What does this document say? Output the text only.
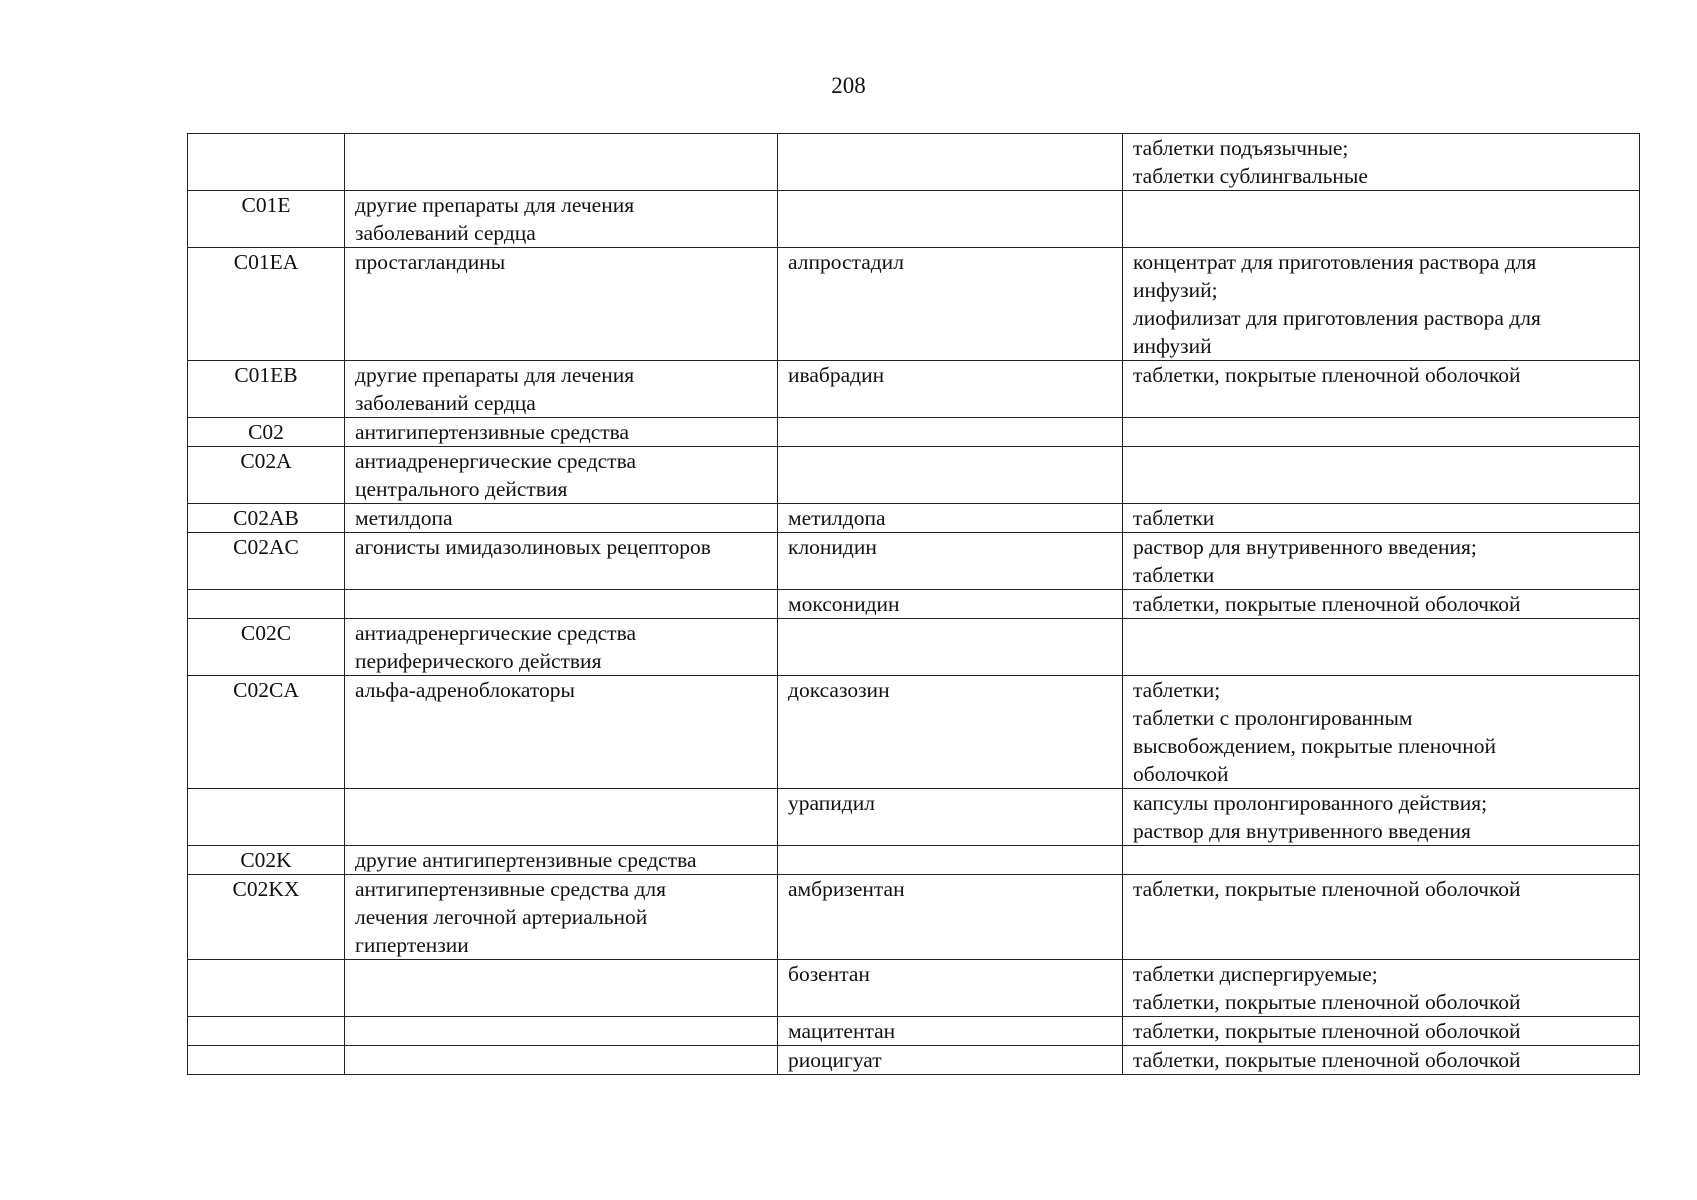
208
			таблетки подъязычные;
таблетки сублингвальные
C01E	другие препараты для лечения
заболеваний сердца		
C01EA	простагландины	алпростадил	концентрат для приготовления раствора для
инфузий;
лиофилизат для приготовления раствора для
инфузий
C01EB	другие препараты для лечения
заболеваний сердца	ивабрадин	таблетки, покрытые пленочной оболочкой
C02	антигипертензивные средства		
C02A	антиадренергические средства
центрального действия		
C02AB	метилдопа	метилдопа	таблетки
C02AC	агонисты имидазолиновых рецепторов	клонидин	раствор для внутривенного введения;
таблетки
		моксонидин	таблетки, покрытые пленочной оболочкой
C02C	антиадренергические средства
периферического действия		
C02CA	альфа-адреноблокаторы	доксазозин	таблетки;
таблетки с пролонгированным
высвобождением, покрытые пленочной
оболочкой
		урапидил	капсулы пролонгированного действия;
раствор для внутривенного введения
C02K	другие антигипертензивные средства		
C02KX	антигипертензивные средства для
лечения легочной артериальной
гипертензии	амбризентан	таблетки, покрытые пленочной оболочкой
		бозентан	таблетки диспергируемые;
таблетки, покрытые пленочной оболочкой
		мацитентан	таблетки, покрытые пленочной оболочкой
		риоцигуат	таблетки, покрытые пленочной оболочкой
